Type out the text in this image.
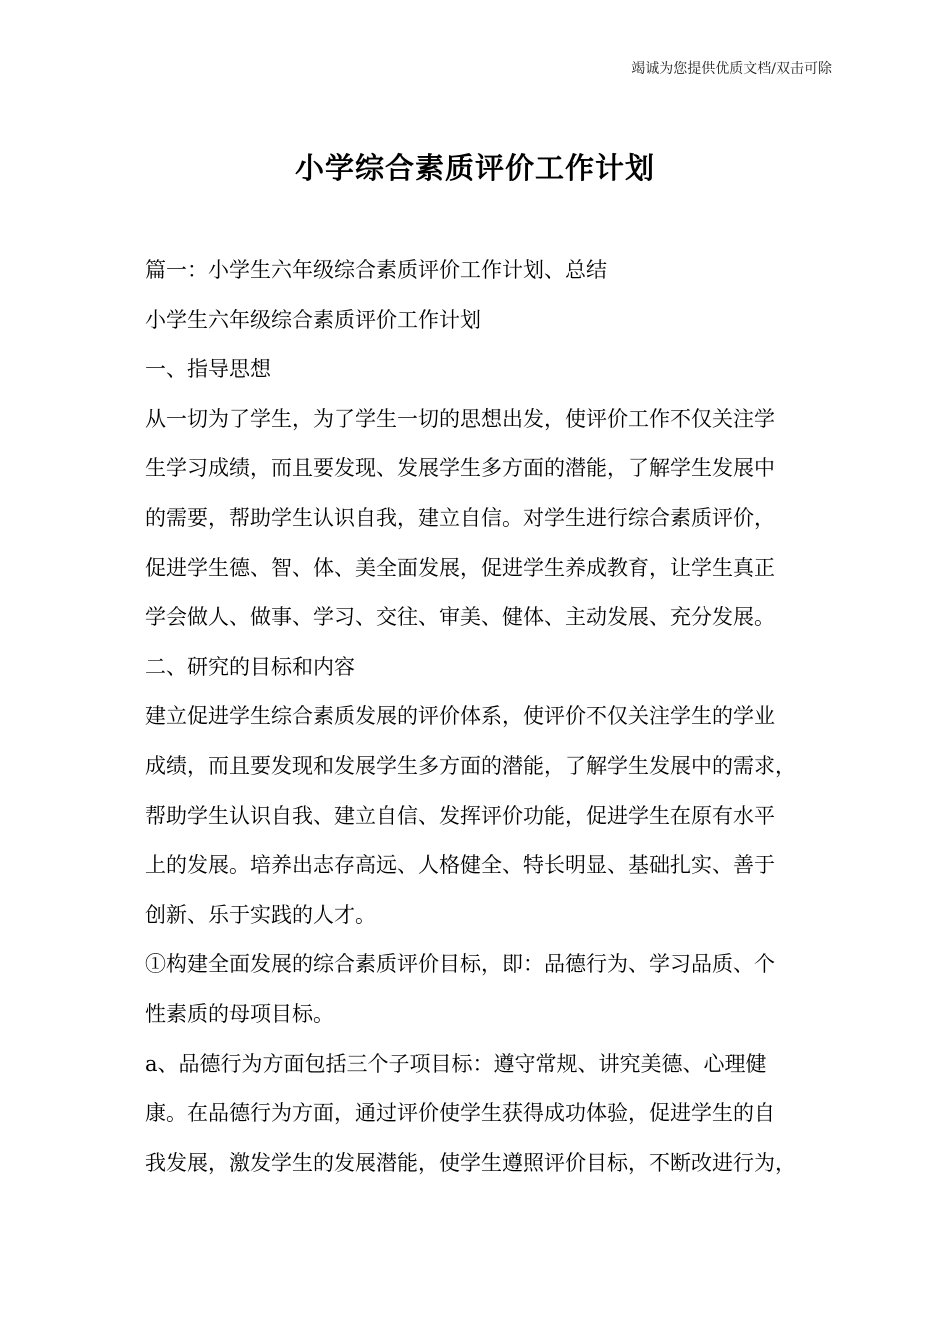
竭诚为您提供优质文档/双击可除
小学综合素质评价工作计划
篇一：小学生六年级综合素质评价工作计划、总结
小学生六年级综合素质评价工作计划
一、指导思想
从一切为了学生，为了学生一切的思想出发，使评价工作不仅关注学
生学习成绩，而且要发现、发展学生多方面的潜能，了解学生发展中
的需要，帮助学生认识自我，建立自信。对学生进行综合素质评价，
促进学生德、智、体、美全面发展，促进学生养成教育，让学生真正
学会做人、做事、学习、交往、审美、健体、主动发展、充分发展。
二、研究的目标和内容
建立促进学生综合素质发展的评价体系，使评价不仅关注学生的学业
成绩，而且要发现和发展学生多方面的潜能，了解学生发展中的需求，
帮助学生认识自我、建立自信、发挥评价功能，促进学生在原有水平
上的发展。培养出志存高远、人格健全、特长明显、基础扎实、善于
创新、乐于实践的人才。
①构建全面发展的综合素质评价目标，即：品德行为、学习品质、个
性素质的母项目标。
a、品德行为方面包括三个子项目标：遵守常规、讲究美德、心理健
康。在品德行为方面，通过评价使学生获得成功体验，促进学生的自
我发展，激发学生的发展潜能，使学生遵照评价目标，不断改进行为，
